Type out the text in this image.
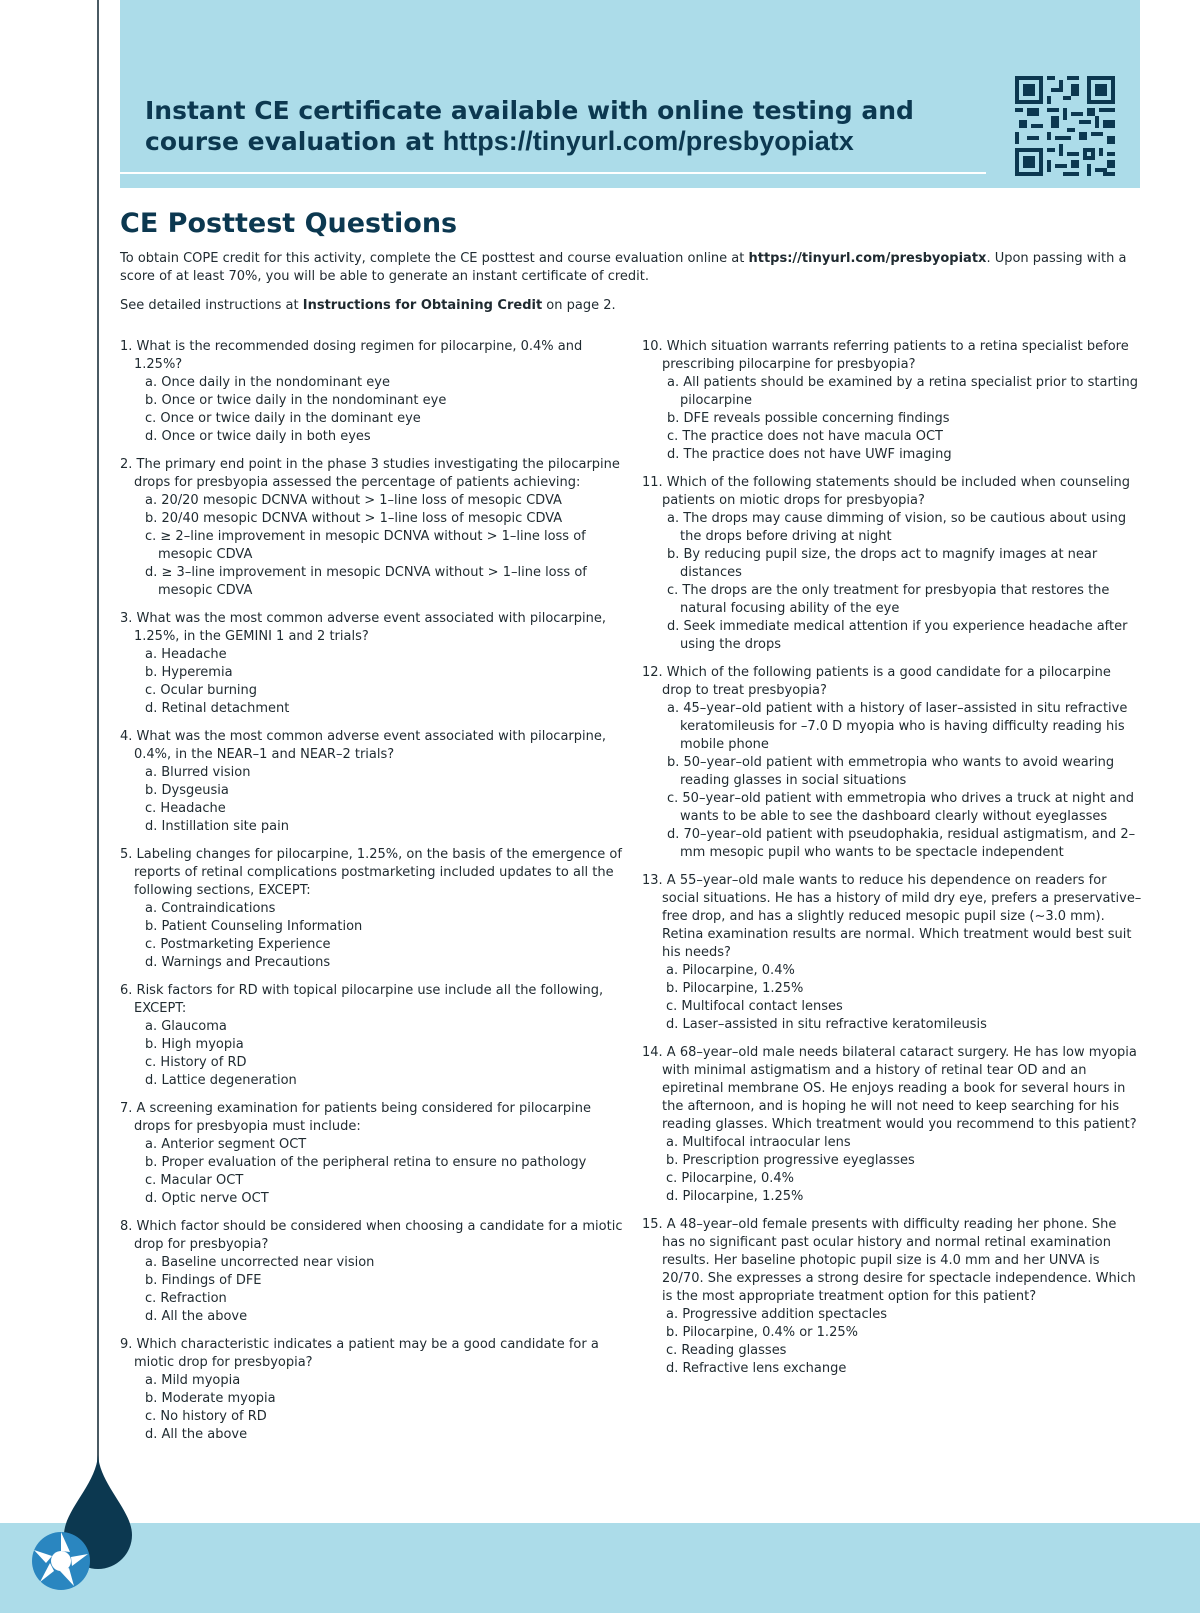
Instant CE certificate available with online testing and
course evaluation at https://tinyurl.com/presbyopiatx
CE Posttest Questions

To obtain COPE credit for this activity, complete the CE posttest and course evaluation online at https://tinyurl.com/presbyopiatx. Upon passing with a score of at least 70%, you will be able to generate an instant certificate of credit.

See detailed instructions at Instructions for Obtaining Credit on page 2.

1. What is the recommended dosing regimen for pilocarpine, 0.4% and 1.25%?
a. Once daily in the nondominant eye
b. Once or twice daily in the nondominant eye
c. Once or twice daily in the dominant eye
d. Once or twice daily in both eyes
2. The primary end point in the phase 3 studies investigating the pilocarpine drops for presbyopia assessed the percentage of patients achieving:
a. 20/20 mesopic DCNVA without > 1–line loss of mesopic CDVA
b. 20/40 mesopic DCNVA without > 1–line loss of mesopic CDVA
c. ≥ 2–line improvement in mesopic DCNVA without > 1–line loss of mesopic CDVA
d. ≥ 3–line improvement in mesopic DCNVA without > 1–line loss of mesopic CDVA
3. What was the most common adverse event associated with pilocarpine, 1.25%, in the GEMINI 1 and 2 trials?
a. Headache
b. Hyperemia
c. Ocular burning
d. Retinal detachment
4. What was the most common adverse event associated with pilocarpine, 0.4%, in the NEAR–1 and NEAR–2 trials?
a. Blurred vision
b. Dysgeusia
c. Headache
d. Instillation site pain
5. Labeling changes for pilocarpine, 1.25%, on the basis of the emergence of reports of retinal complications postmarketing included updates to all the following sections, EXCEPT:
a. Contraindications
b. Patient Counseling Information
c. Postmarketing Experience
d. Warnings and Precautions
6. Risk factors for RD with topical pilocarpine use include all the following, EXCEPT:
a. Glaucoma
b. High myopia
c. History of RD
d. Lattice degeneration
7. A screening examination for patients being considered for pilocarpine drops for presbyopia must include:
a. Anterior segment OCT
b. Proper evaluation of the peripheral retina to ensure no pathology
c. Macular OCT
d. Optic nerve OCT
8. Which factor should be considered when choosing a candidate for a miotic drop for presbyopia?
a. Baseline uncorrected near vision
b. Findings of DFE
c. Refraction
d. All the above
9. Which characteristic indicates a patient may be a good candidate for a miotic drop for presbyopia?
a. Mild myopia
b. Moderate myopia
c. No history of RD
d. All the above
10. Which situation warrants referring patients to a retina specialist before prescribing pilocarpine for presbyopia?
a. All patients should be examined by a retina specialist prior to starting pilocarpine
b. DFE reveals possible concerning findings
c. The practice does not have macula OCT
d. The practice does not have UWF imaging
11. Which of the following statements should be included when counseling patients on miotic drops for presbyopia?
a. The drops may cause dimming of vision, so be cautious about using the drops before driving at night
b. By reducing pupil size, the drops act to magnify images at near distances
c. The drops are the only treatment for presbyopia that restores the natural focusing ability of the eye
d. Seek immediate medical attention if you experience headache after using the drops
12. Which of the following patients is a good candidate for a pilocarpine drop to treat presbyopia?
a. 45–year–old patient with a history of laser–assisted in situ refractive keratomileusis for –7.0 D myopia who is having difficulty reading his mobile phone
b. 50–year–old patient with emmetropia who wants to avoid wearing reading glasses in social situations
c. 50–year–old patient with emmetropia who drives a truck at night and wants to be able to see the dashboard clearly without eyeglasses
d. 70–year–old patient with pseudophakia, residual astigmatism, and 2–mm mesopic pupil who wants to be spectacle independent
13. A 55–year–old male wants to reduce his dependence on readers for social situations. He has a history of mild dry eye, prefers a preservative–free drop, and has a slightly reduced mesopic pupil size (~3.0 mm). Retina examination results are normal. Which treatment would best suit his needs?
a. Pilocarpine, 0.4%
b. Pilocarpine, 1.25%
c. Multifocal contact lenses
d. Laser–assisted in situ refractive keratomileusis
14. A 68–year–old male needs bilateral cataract surgery. He has low myopia with minimal astigmatism and a history of retinal tear OD and an epiretinal membrane OS. He enjoys reading a book for several hours in the afternoon, and is hoping he will not need to keep searching for his reading glasses. Which treatment would you recommend to this patient?
a. Multifocal intraocular lens
b. Prescription progressive eyeglasses
c. Pilocarpine, 0.4%
d. Pilocarpine, 1.25%
15. A 48–year–old female presents with difficulty reading her phone. She has no significant past ocular history and normal retinal examination results. Her baseline photopic pupil size is 4.0 mm and her UNVA is 20/70. She expresses a strong desire for spectacle independence. Which is the most appropriate treatment option for this patient?
a. Progressive addition spectacles
b. Pilocarpine, 0.4% or 1.25%
c. Reading glasses
d. Refractive lens exchange
